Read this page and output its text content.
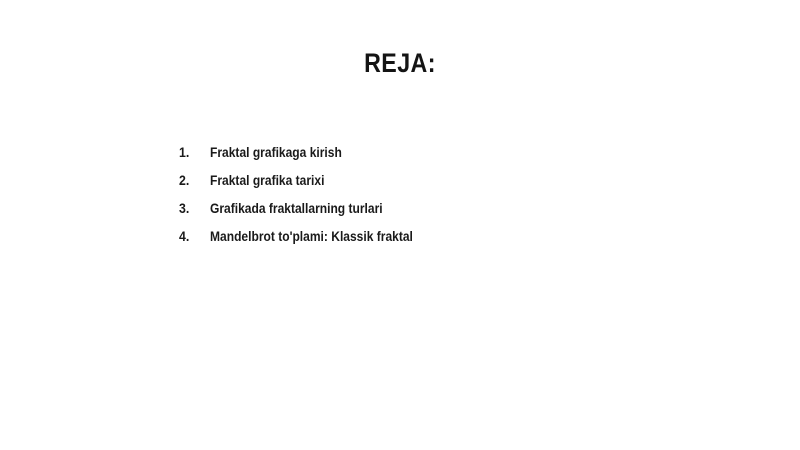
REJA:
1.	Fraktal grafikaga kirish
2.	Fraktal grafika tarixi
3.	Grafikada fraktallarning turlari
4.	Mandelbrot to'plami: Klassik fraktal
